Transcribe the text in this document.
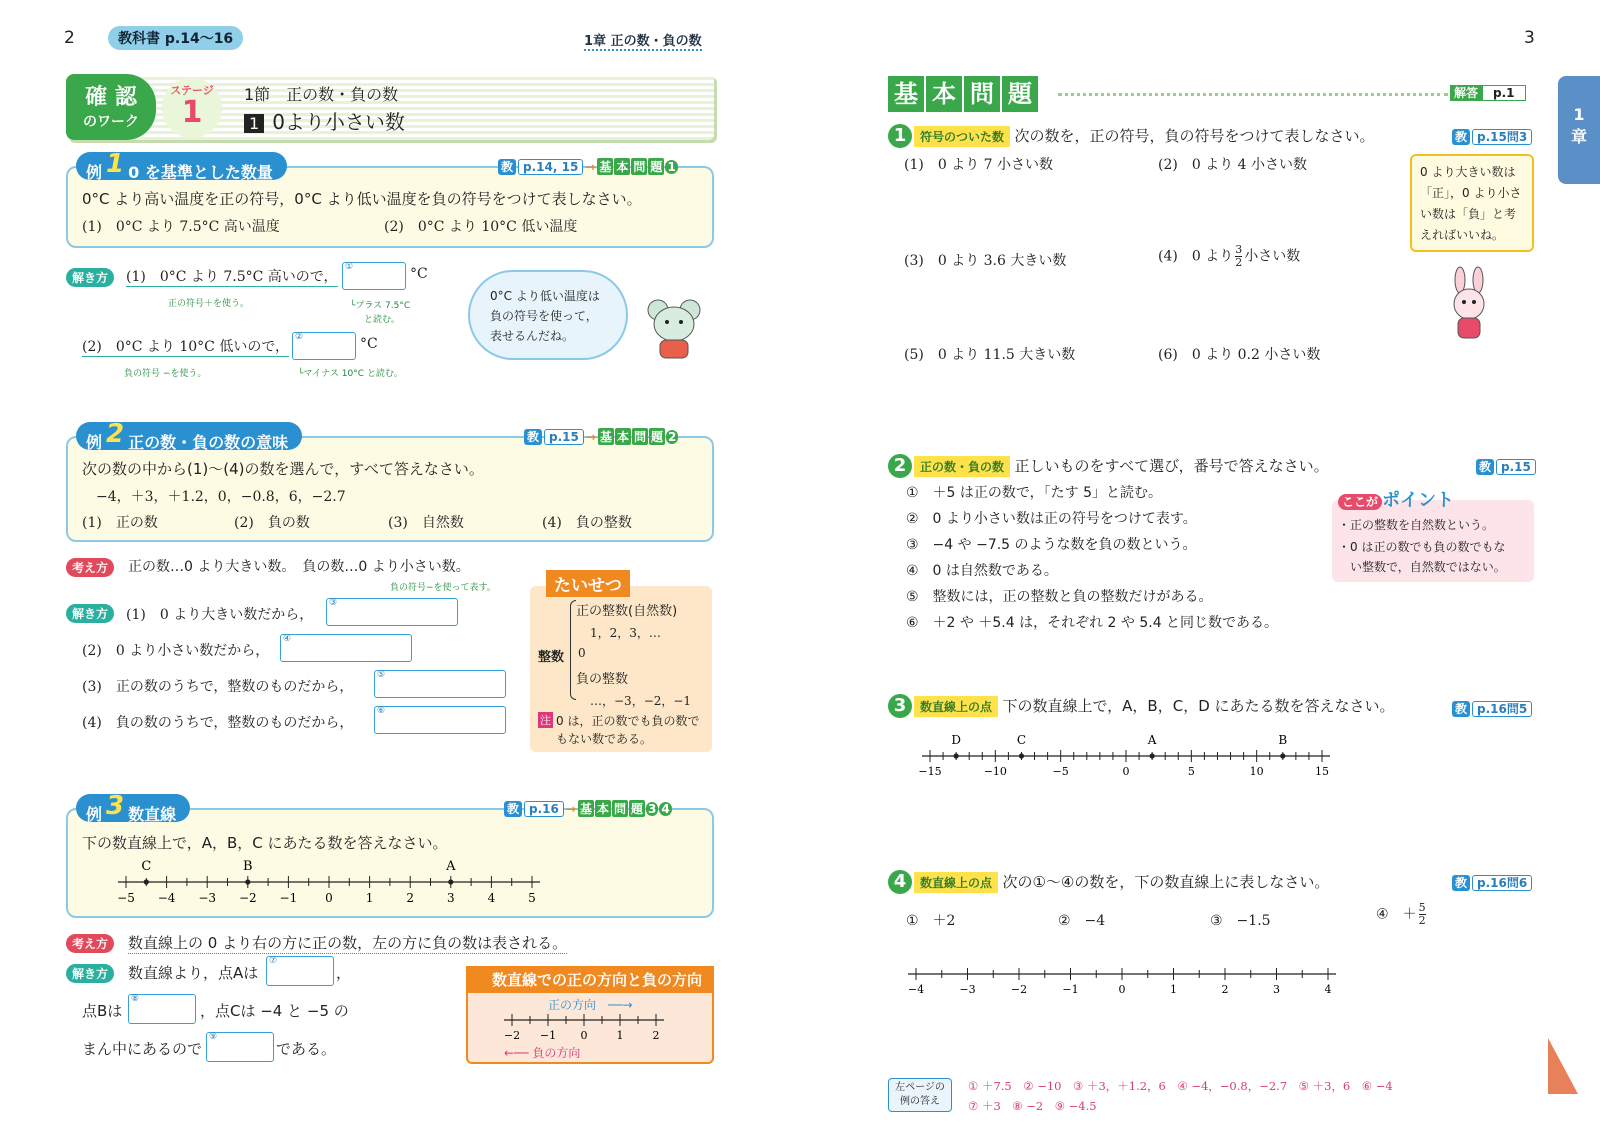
2	教科書 p.14〜16	1章 正の数・負の数
確 認
のワーク
ステージ
1
1節　正の数・負の数
1 0より小さい数
例 1 0 を基準とした数量	教 p.14, 15 → 基 本 問 題 1
0°C より高い温度を正の符号，0°C より低い温度を負の符号をつけて表しなさい。
(1)　0°C より 7.5°C 高い温度	(2)　0°C より 10°C 低い温度
解き方	(1)　0°C より 7.5°C 高いので，
正の符号＋を使う。
①	°C
└プラス 7.5°C
と読む。
(2)　0°C より 10°C 低いので，
負の符号 −を使う。
②	°C
└マイナス 10°C と読む。
0°C より低い温度は
負の符号を使って，
表せるんだね。
例 2 正の数・負の数の意味	教 p.15 → 基 本 問 題 2
次の数の中から(1)〜(4)の数を選んで，すべて答えなさい。
−4，＋3，＋1.2，0，−0.8，6，−2.7
(1)　正の数	(2)　負の数	(3)　自然数	(4)　負の整数
考え方	正の数…0 より大きい数。　負の数…0 より小さい数。
負の符号−を使って表す。
解き方	(1)　0 より大きい数だから，
③
(2)　0 より小さい数だから，
④
(3)　正の数のうちで，整数のものだから，
⑤
(4)　負の数のうちで，整数のものだから，
⑥
たいせつ
正の整数(自然数)
1，2，3，…
整数 0
負の整数
…，−3，−2，−1
注 0 は，正の数でも負の数で
もない数である。
例 3 数直線	教 p.16 → 基 本 問 題 3 4
下の数直線上で，A，B，C にあたる数を答えなさい。
−5 −4 −3 −2 −1 0	1	2	3	4	5
C	B	A
考え方	数直線上の 0 より右の方に正の数，左の方に負の数は表される。
解き方	数直線より，点Aは
⑦
，
点Bは
⑧
，点Cは −4 と −5 の
まん中にあるので
⑨
である。
数直線での正の方向と負の方向
正の方向　──→
−2 −1 0	1	2
←── 負の方向
3
基 本 問 題	解答 p.1
1 章
1 符号のついた数 次の数を，正の符号，負の符号をつけて表しなさい。	教 p.15問3
(1)　0 より 7 小さい数	(2)　0 より 4 小さい数
(3)　0 より 3.6 大きい数	(4)　0 より $\frac{3}{2}$ 小さい数
(5)　0 より 11.5 大きい数	(6)　0 より 0.2 小さい数
0 より大きい数は
「正」，0 より小さ
い数は「負」と考
えればいいね。
2 正の数・負の数 正しいものをすべて選び，番号で答えなさい。	教 p.15
①　＋5 は正の数で，「たす 5」と読む。
②　0 より小さい数は正の符号をつけて表す。
③　−4 や −7.5 のような数を負の数という。
④　0 は自然数である。
⑤　整数には，正の整数と負の整数だけがある。
⑥　＋2 や ＋5.4 は，それぞれ 2 や 5.4 と同じ数である。
ここが ポイント
・正の整数を自然数という。
・0 は正の数でも負の数でもな
い整数で，自然数ではない。
3 数直線上の点 下の数直線上で，A，B，C，D にあたる数を答えなさい。	教 p.16問5
−15	−10	−5	0	5	10	15
D	C	A	B
4 数直線上の点 次の①〜④の数を，下の数直線上に表しなさい。	教 p.16問6
①　＋2	②　−4	③　−1.5	④　＋ $\frac{5}{2}$
−4	−3	−2	−1	0	1	2	3	4
左ページの
例の答え
① ＋7.5　② −10　③ ＋3，＋1.2，6　④ −4，−0.8，−2.7　⑤ ＋3，6　⑥ −4
⑦ ＋3　⑧ −2　⑨ −4.5
